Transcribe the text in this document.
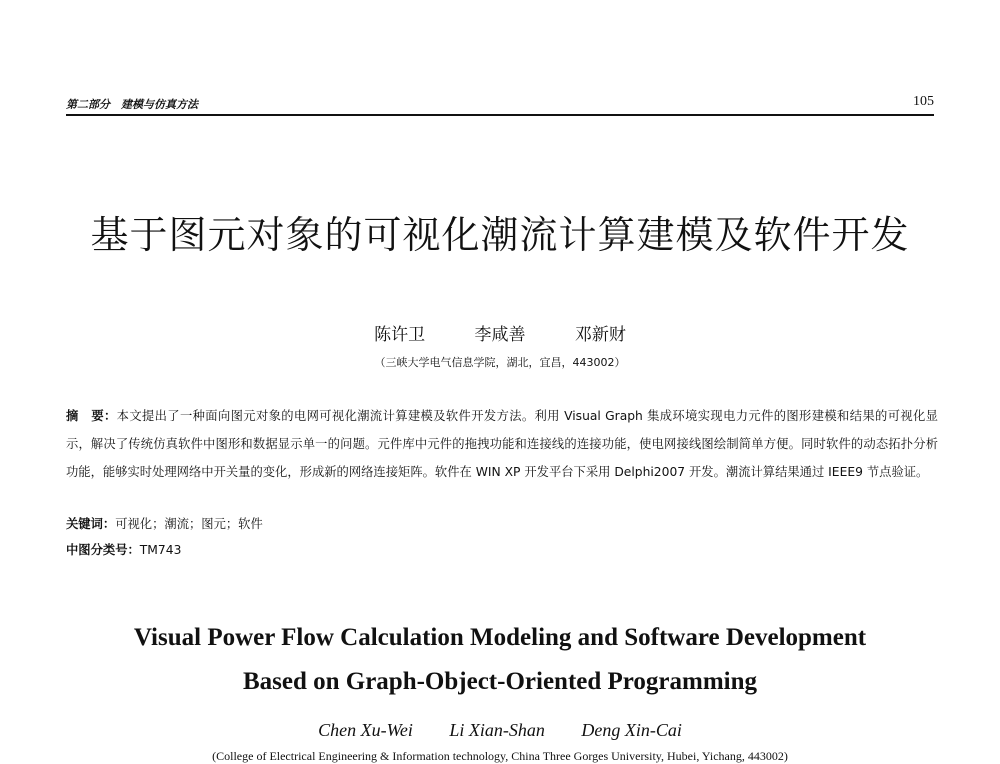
第二部分　建模与仿真方法	105
基于图元对象的可视化潮流计算建模及软件开发
陈许卫	李咸善	邓新财
（三峡大学电气信息学院，湖北，宜昌，443002）
摘　要：本文提出了一种面向图元对象的电网可视化潮流计算建模及软件开发方法。利用 Visual Graph 集成环境实现电力元件的图形建模和结果的可视化显示，解决了传统仿真软件中图形和数据显示单一的问题。元件库中元件的拖拽功能和连接线的连接功能，使电网接线图绘制简单方便。同时软件的动态拓扑分析功能，能够实时处理网络中开关量的变化，形成新的网络连接矩阵。软件在 WIN XP 开发平台下采用 Delphi2007 开发。潮流计算结果通过 IEEE9 节点验证。
关键词：可视化；潮流；图元；软件
中图分类号：TM743
Visual Power Flow Calculation Modeling and Software Development
Based on Graph-Object-Oriented Programming
Chen Xu-Wei Li Xian-Shan Deng Xin-Cai
(College of Electrical Engineering & Information technology, China Three Gorges University, Hubei, Yichang, 443002)
